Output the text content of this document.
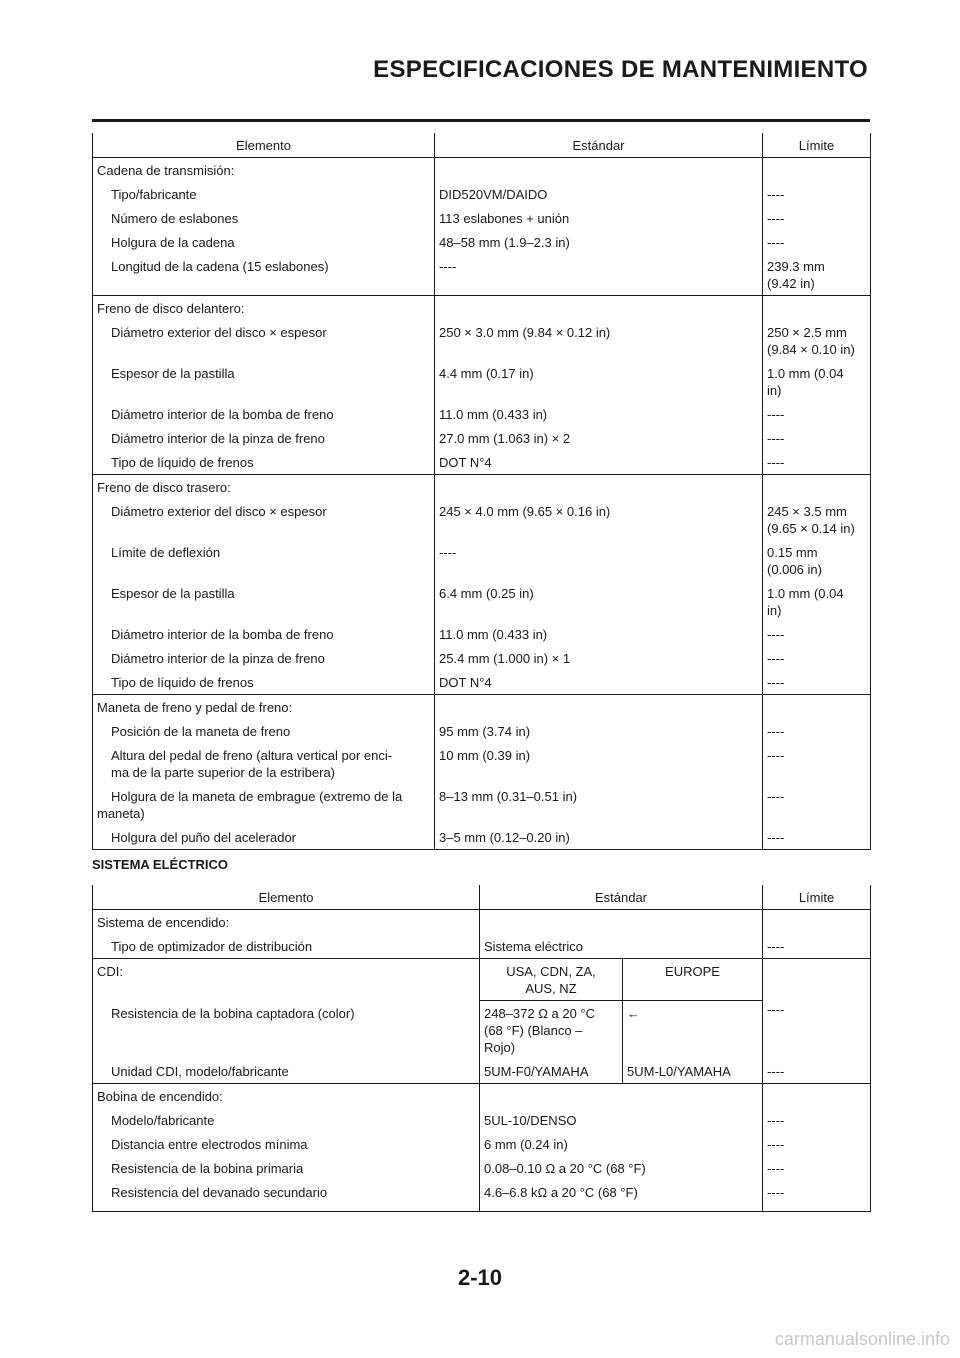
ESPECIFICACIONES DE MANTENIMIENTO
Elemento	Estándar	Límite
Cadena de transmisión:		
Tipo/fabricante	DID520VM/DAIDO	----
Número de eslabones	113 eslabones + unión	----
Holgura de la cadena	48–58 mm (1.9–2.3 in)	----
Longitud de la cadena (15 eslabones)	----	239.3 mm
(9.42 in)
Freno de disco delantero:		
Diámetro exterior del disco × espesor	250 × 3.0 mm (9.84 × 0.12 in)	250 × 2.5 mm
(9.84 × 0.10 in)
Espesor de la pastilla	4.4 mm (0.17 in)	1.0 mm (0.04
in)
Diámetro interior de la bomba de freno	11.0 mm (0.433 in)	----
Diámetro interior de la pinza de freno	27.0 mm (1.063 in) × 2	----
Tipo de líquido de frenos	DOT N°4	----
Freno de disco trasero:		
Diámetro exterior del disco × espesor	245 × 4.0 mm (9.65 × 0.16 in)	245 × 3.5 mm
(9.65 × 0.14 in)
Límite de deflexión	----	0.15 mm
(0.006 in)
Espesor de la pastilla	6.4 mm (0.25 in)	1.0 mm (0.04
in)
Diámetro interior de la bomba de freno	11.0 mm (0.433 in)	----
Diámetro interior de la pinza de freno	25.4 mm (1.000 in) × 1	----
Tipo de líquido de frenos	DOT N°4	----
Maneta de freno y pedal de freno:		
Posición de la maneta de freno	95 mm (3.74 in)	----
Altura del pedal de freno (altura vertical por enci-
ma de la parte superior de la estribera)	10 mm (0.39 in)	----
Holgura de la maneta de embrague (extremo de la maneta)	8–13 mm (0.31–0.51 in)	----
Holgura del puño del acelerador	3–5 mm (0.12–0.20 in)	----
SISTEMA ELÉCTRICO
Elemento	Estándar		Límite
Sistema de encendido:			
Tipo de optimizador de distribución	Sistema eléctrico		----
CDI:	USA, CDN, ZA,
AUS, NZ	EUROPE	----
Resistencia de la bobina captadora (color)	248–372 Ω a 20 °C
(68 °F) (Blanco –
Rojo)	←	
Unidad CDI, modelo/fabricante	5UM-F0/YAMAHA	5UM-L0/YAMAHA	----
Bobina de encendido:			
Modelo/fabricante	5UL-10/DENSO		----
Distancia entre electrodos mínima	6 mm (0.24 in)		----
Resistencia de la bobina primaria	0.08–0.10 Ω a 20 °C (68 °F)		----
Resistencia del devanado secundario	4.6–6.8 kΩ a 20 °C (68 °F)		----
2-10
carmanualsonline.info
